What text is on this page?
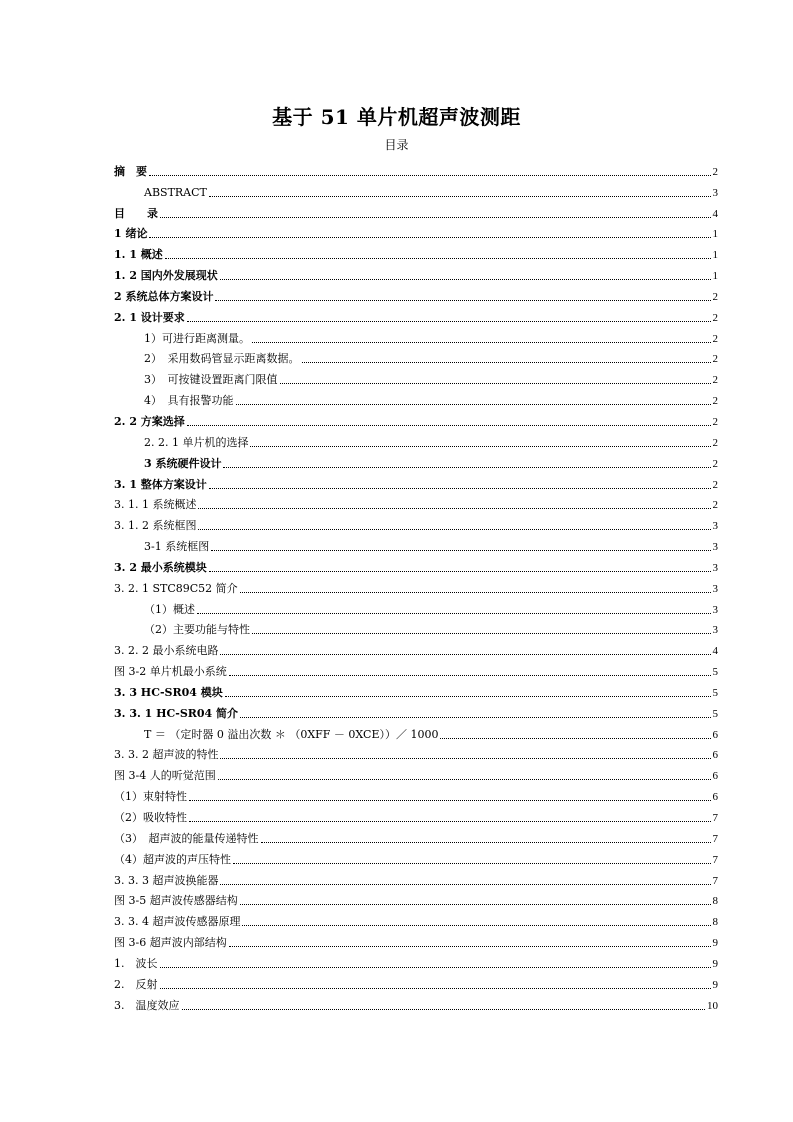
基于 51 单片机超声波测距
目录
摘　要	2
ABSTRACT	3
目　　录	4
1 绪论	1
1. 1 概述	1
1. 2 国内外发展现状	1
2 系统总体方案设计	2
2. 1 设计要求	2
1）可进行距离测量。	2
2）　采用数码管显示距离数据。	2
3）　可按键设置距离门限值	2
4）　具有报警功能	2
2. 2 方案选择	2
2. 2. 1 单片机的选择	2
3 系统硬件设计	2
3. 1 整体方案设计	2
3. 1. 1 系统概述	2
3. 1. 2 系统框图	3
3-1 系统框图	3
3. 2 最小系统模块	3
3. 2. 1 STC89C52 简介	3
（1）概述	3
（2）主要功能与特性	3
3. 2. 2 最小系统电路	4
图 3-2 单片机最小系统	5
3. 3 HC-SR04 模块	5
3. 3. 1 HC-SR04 简介	5
T ＝ （定时器 0 溢出次数 ＊ （0XFF － 0XCE））／ 1000	6
3. 3. 2 超声波的特性	6
图 3-4 人的听觉范围	6
（1）束射特性	6
（2）吸收特性	7
（3）　超声波的能量传递特性	7
（4）超声波的声压特性	7
3. 3. 3 超声波换能器	7
图 3-5 超声波传感器结构	8
3. 3. 4 超声波传感器原理	8
图 3-6 超声波内部结构	9
1.　波长	9
2.　反射	9
3.　温度效应	10
